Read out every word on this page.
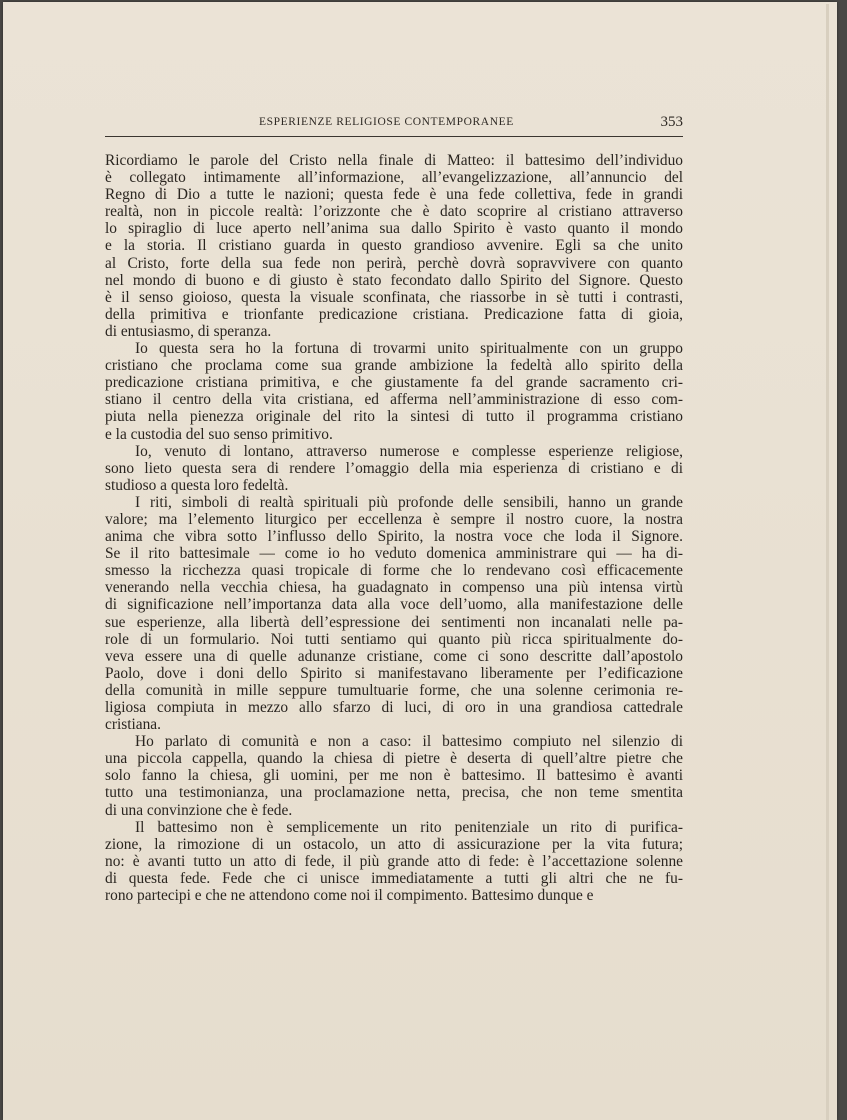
ESPERIENZE RELIGIOSE CONTEMPORANEE	353
Ricordiamo le parole del Cristo nella finale di Matteo: il battesimo dell’individuo
è collegato intimamente all’informazione, all’evangelizzazione, all’annuncio del
Regno di Dio a tutte le nazioni; questa fede è una fede collettiva, fede in grandi
realtà, non in piccole realtà: l’orizzonte che è dato scoprire al cristiano attraverso
lo spiraglio di luce aperto nell’anima sua dallo Spirito è vasto quanto il mondo
e la storia. Il cristiano guarda in questo grandioso avvenire. Egli sa che unito
al Cristo, forte della sua fede non perirà, perchè dovrà sopravvivere con quanto
nel mondo di buono e di giusto è stato fecondato dallo Spirito del Signore. Questo
è il senso gioioso, questa la visuale sconfinata, che riassorbe in sè tutti i contrasti,
della primitiva e trionfante predicazione cristiana. Predicazione fatta di gioia,
di entusiasmo, di speranza.
Io questa sera ho la fortuna di trovarmi unito spiritualmente con un gruppo
cristiano che proclama come sua grande ambizione la fedeltà allo spirito della
predicazione cristiana primitiva, e che giustamente fa del grande sacramento cri-
stiano il centro della vita cristiana, ed afferma nell’amministrazione di esso com-
piuta nella pienezza originale del rito la sintesi di tutto il programma cristiano
e la custodia del suo senso primitivo.
Io, venuto di lontano, attraverso numerose e complesse esperienze religiose,
sono lieto questa sera di rendere l’omaggio della mia esperienza di cristiano e di
studioso a questa loro fedeltà.
I riti, simboli di realtà spirituali più profonde delle sensibili, hanno un grande
valore; ma l’elemento liturgico per eccellenza è sempre il nostro cuore, la nostra
anima che vibra sotto l’influsso dello Spirito, la nostra voce che loda il Signore.
Se il rito battesimale — come io ho veduto domenica amministrare qui — ha di-
smesso la ricchezza quasi tropicale di forme che lo rendevano così efficacemente
venerando nella vecchia chiesa, ha guadagnato in compenso una più intensa virtù
di significazione nell’importanza data alla voce dell’uomo, alla manifestazione delle
sue esperienze, alla libertà dell’espressione dei sentimenti non incanalati nelle pa-
role di un formulario. Noi tutti sentiamo qui quanto più ricca spiritualmente do-
veva essere una di quelle adunanze cristiane, come ci sono descritte dall’apostolo
Paolo, dove i doni dello Spirito si manifestavano liberamente per l’edificazione
della comunità in mille seppure tumultuarie forme, che una solenne cerimonia re-
ligiosa compiuta in mezzo allo sfarzo di luci, di oro in una grandiosa cattedrale
cristiana.
Ho parlato di comunità e non a caso: il battesimo compiuto nel silenzio di
una piccola cappella, quando la chiesa di pietre è deserta di quell’altre pietre che
solo fanno la chiesa, gli uomini, per me non è battesimo. Il battesimo è avanti
tutto una testimonianza, una proclamazione netta, precisa, che non teme smentita
di una convinzione che è fede.
Il battesimo non è semplicemente un rito penitenziale un rito di purifica-
zione, la rimozione di un ostacolo, un atto di assicurazione per la vita futura;
no: è avanti tutto un atto di fede, il più grande atto di fede: è l’accettazione solenne
di questa fede. Fede che ci unisce immediatamente a tutti gli altri che ne fu-
rono partecipi e che ne attendono come noi il compimento. Battesimo dunque e
